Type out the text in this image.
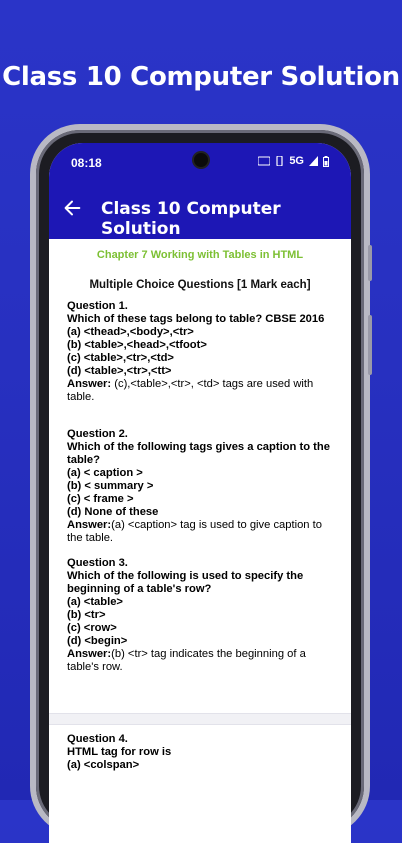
Class 10 Computer Solution
08:18	5G
Class 10 Computer Solution
Chapter 7 Working with Tables in HTML
Multiple Choice Questions [1 Mark each]
Question 1.
Which of these tags belong to table? CBSE 2016
(a) <thead>,<body>,<tr>
(b) <table>,<head>,<tfoot>
(c) <table>,<tr>,<td>
(d) <table>,<tr>,<tt>
Answer: (c),<table>,<tr>, <td> tags are used with table.
Question 2.
Which of the following tags gives a caption to the table?
(a) < caption >
(b) < summary >
(c) < frame >
(d) None of these
Answer:(a) <caption> tag is used to give caption to the table.
Question 3.
Which of the following is used to specify the beginning of a table's row?
(a) <table>
(b) <tr>
(c) <row>
(d) <begin>
Answer:(b) <tr> tag indicates the beginning of a table's row.
Question 4.
HTML tag for row is
(a) <colspan>
